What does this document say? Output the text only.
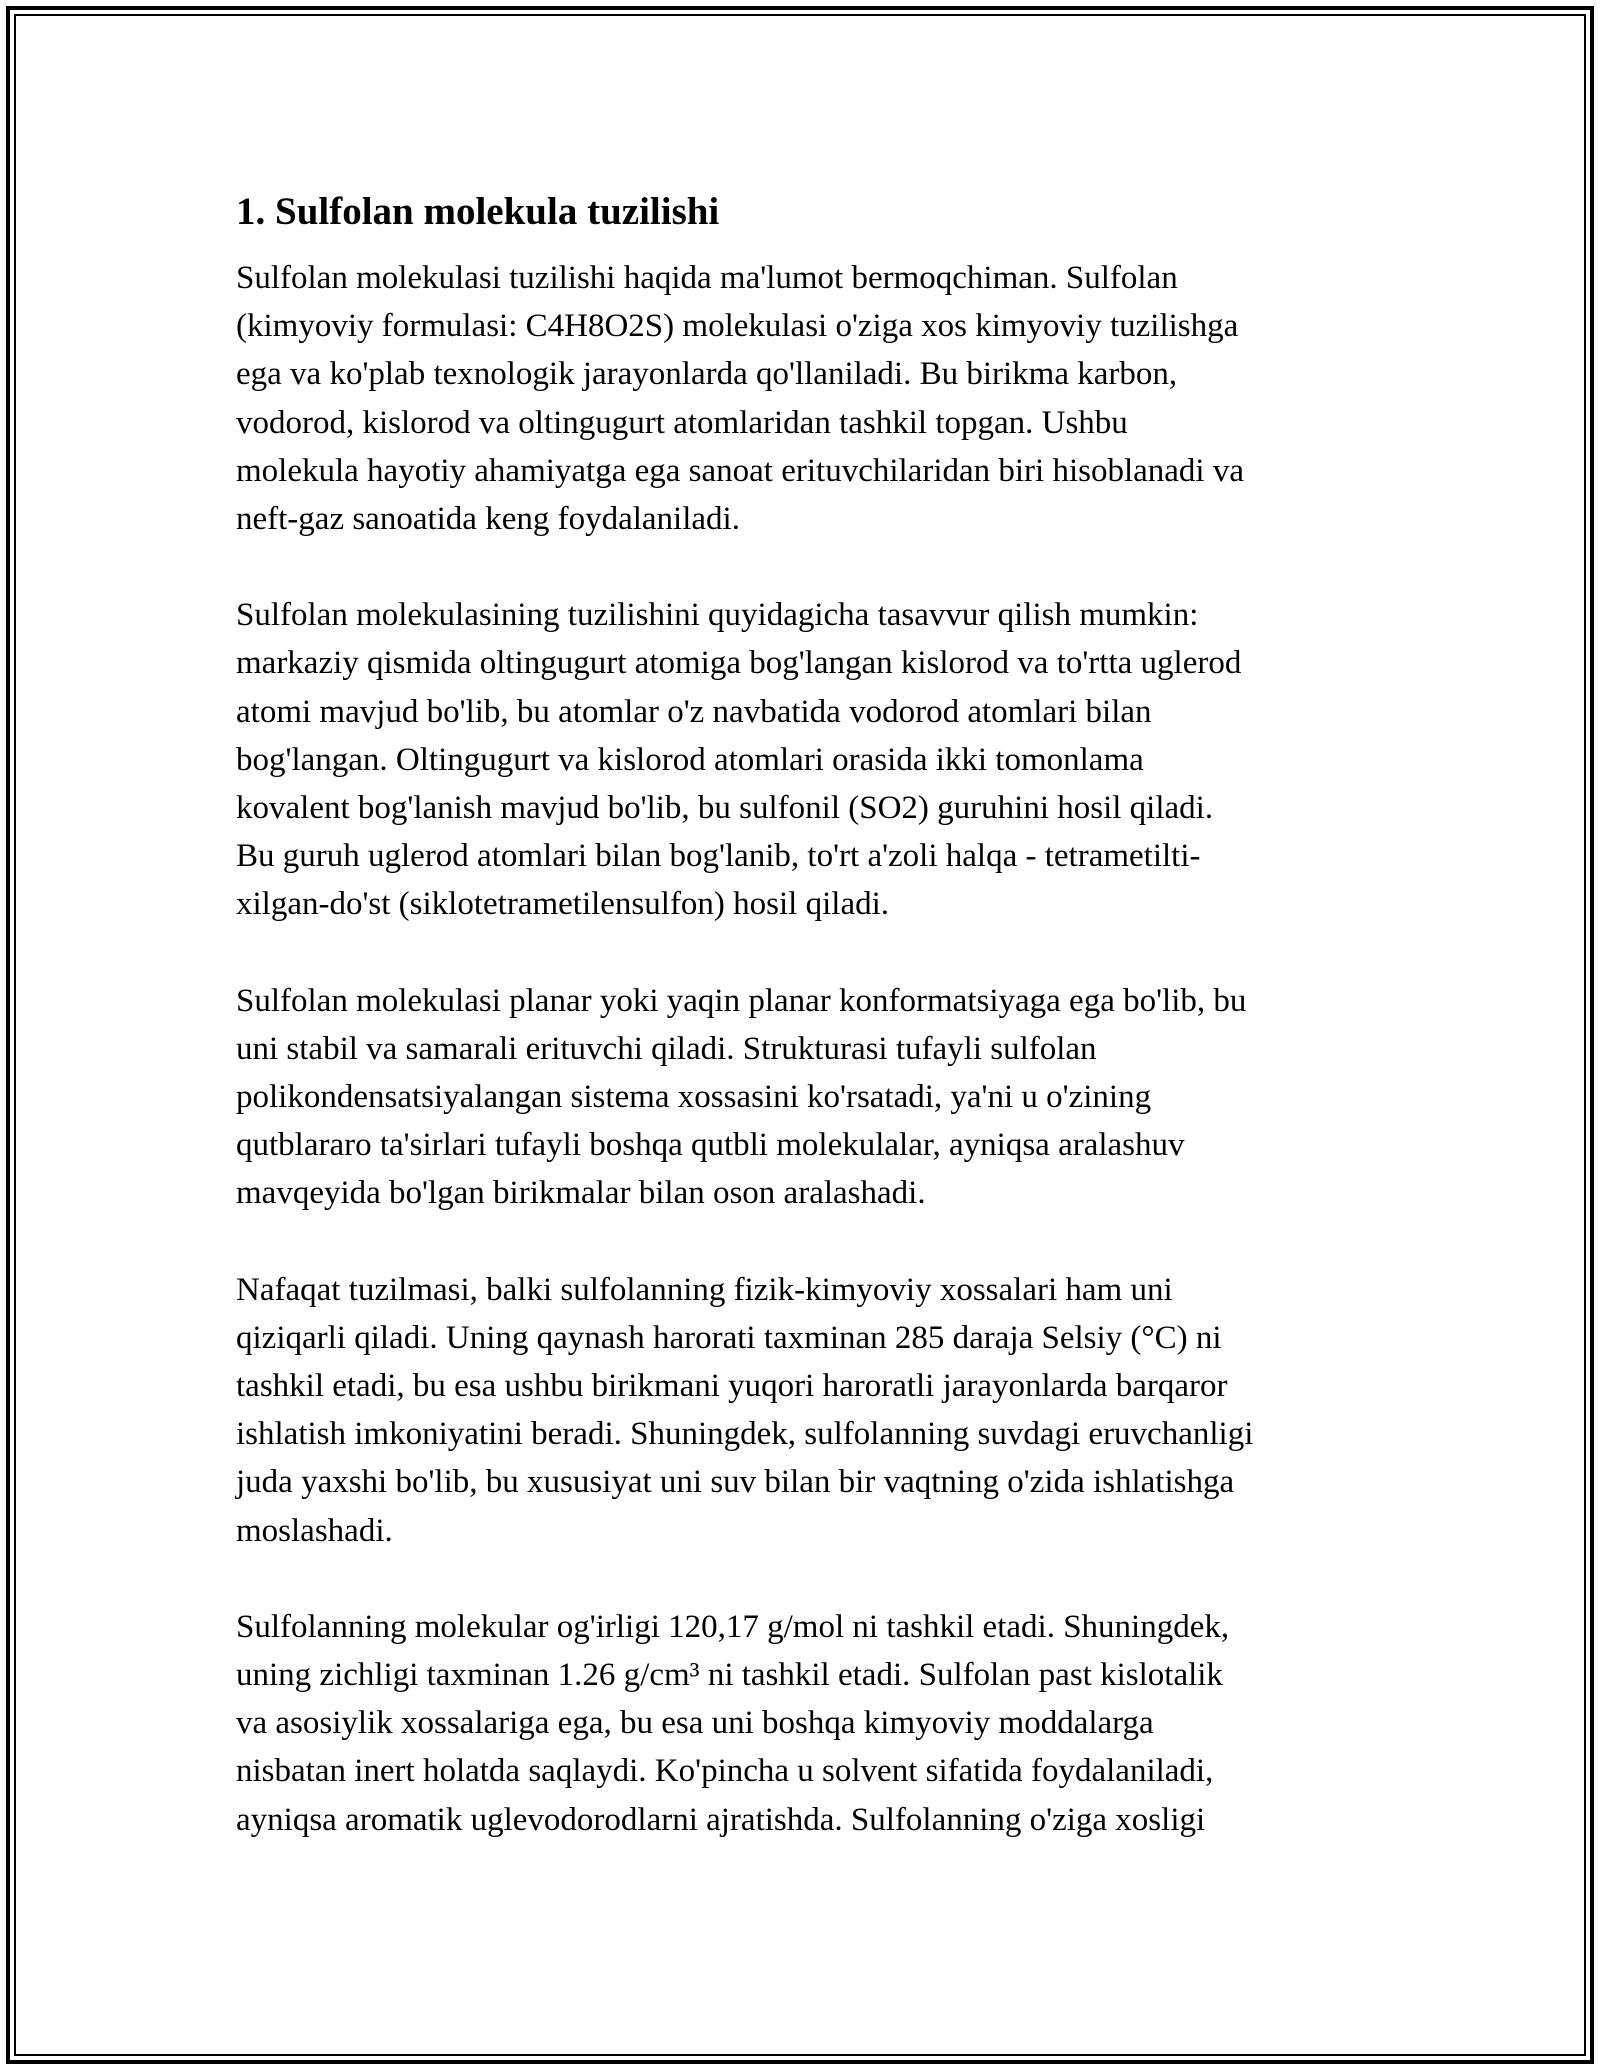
1. Sulfolan molekula tuzilishi
Sulfolan molekulasi tuzilishi haqida ma'lumot bermoqchiman. Sulfolan
(kimyoviy formulasi: C4H8O2S) molekulasi o'ziga xos kimyoviy tuzilishga
ega va ko'plab texnologik jarayonlarda qo'llaniladi. Bu birikma karbon,
vodorod, kislorod va oltingugurt atomlaridan tashkil topgan. Ushbu
molekula hayotiy ahamiyatga ega sanoat erituvchilaridan biri hisoblanadi va
neft-gaz sanoatida keng foydalaniladi.
Sulfolan molekulasining tuzilishini quyidagicha tasavvur qilish mumkin:
markaziy qismida oltingugurt atomiga bog'langan kislorod va to'rtta uglerod
atomi mavjud bo'lib, bu atomlar o'z navbatida vodorod atomlari bilan
bog'langan. Oltingugurt va kislorod atomlari orasida ikki tomonlama
kovalent bog'lanish mavjud bo'lib, bu sulfonil (SO2) guruhini hosil qiladi.
Bu guruh uglerod atomlari bilan bog'lanib, to'rt a'zoli halqa - tetrametilti-
xilgan-do'st (siklotetrametilensulfon) hosil qiladi.
Sulfolan molekulasi planar yoki yaqin planar konformatsiyaga ega bo'lib, bu
uni stabil va samarali erituvchi qiladi. Strukturasi tufayli sulfolan
polikondensatsiyalangan sistema xossasini ko'rsatadi, ya'ni u o'zining
qutblararo ta'sirlari tufayli boshqa qutbli molekulalar, ayniqsa aralashuv
mavqeyida bo'lgan birikmalar bilan oson aralashadi.
Nafaqat tuzilmasi, balki sulfolanning fizik-kimyoviy xossalari ham uni
qiziqarli qiladi. Uning qaynash harorati taxminan 285 daraja Selsiy (°C) ni
tashkil etadi, bu esa ushbu birikmani yuqori haroratli jarayonlarda barqaror
ishlatish imkoniyatini beradi. Shuningdek, sulfolanning suvdagi eruvchanligi
juda yaxshi bo'lib, bu xususiyat uni suv bilan bir vaqtning o'zida ishlatishga
moslashadi.
Sulfolanning molekular og'irligi 120,17 g/mol ni tashkil etadi. Shuningdek,
uning zichligi taxminan 1.26 g/cm³ ni tashkil etadi. Sulfolan past kislotalik
va asosiylik xossalariga ega, bu esa uni boshqa kimyoviy moddalarga
nisbatan inert holatda saqlaydi. Ko'pincha u solvent sifatida foydalaniladi,
ayniqsa aromatik uglevodorodlarni ajratishda. Sulfolanning o'ziga xosligi
